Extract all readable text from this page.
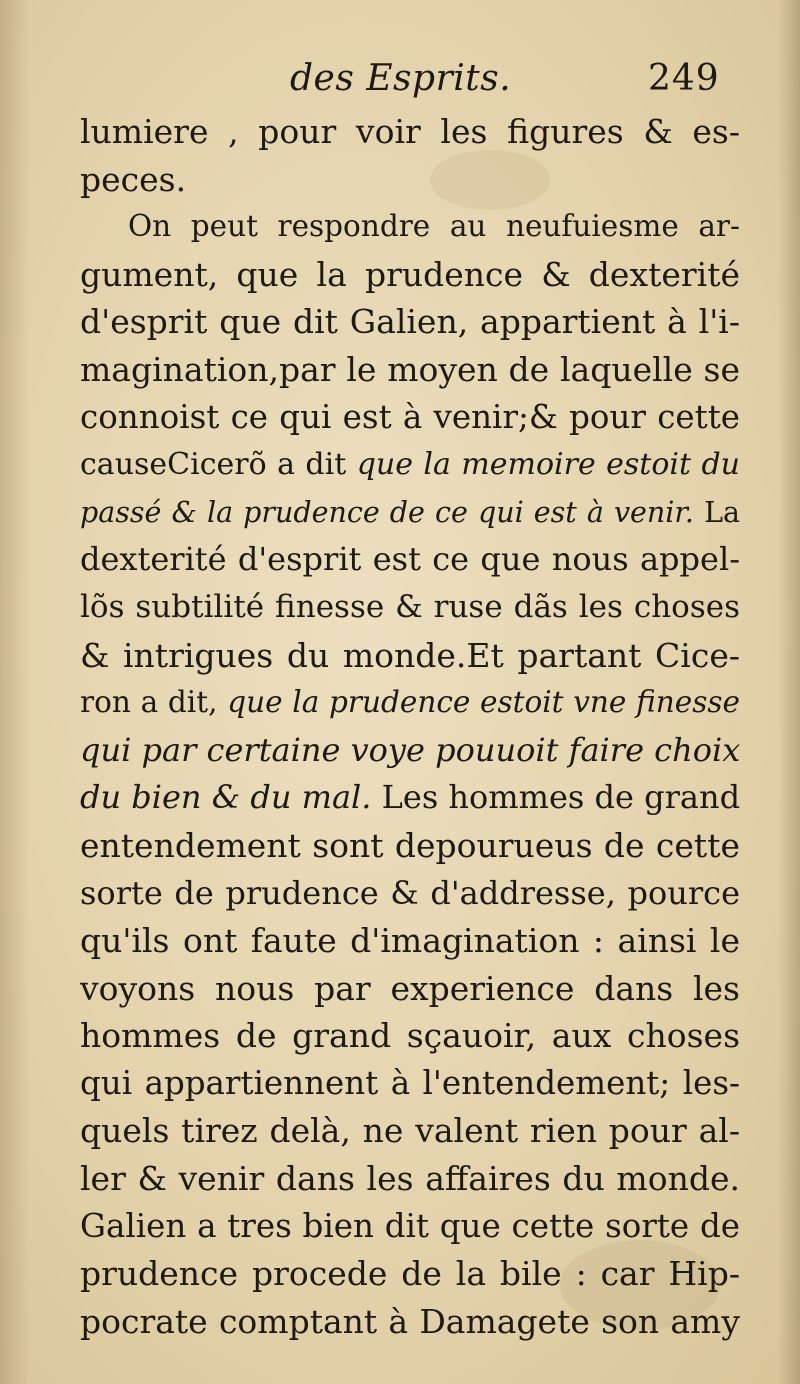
des Esprits.	249
lumiere , pour voir les figures & es-
peces.
On peut respondre au neufuiesme ar-
gument, que la prudence & dexterité
d'esprit que dit Galien, appartient à l'i-
magination,par le moyen de laquelle se
connoist ce qui est à venir;& pour cette
causeCicerõ a dit que la memoire estoit du
passé & la prudence de ce qui est à venir. La
dexterité d'esprit est ce que nous appel-
lõs subtilité finesse & ruse dãs les choses
& intrigues du monde.Et partant Cice-
ron a dit, que la prudence estoit vne finesse
qui par certaine voye pouuoit faire choix
du bien & du mal. Les hommes de grand
entendement sont depourueus de cette
sorte de prudence & d'addresse, pource
qu'ils ont faute d'imagination : ainsi le
voyons nous par experience dans les
hommes de grand sçauoir, aux choses
qui appartiennent à l'entendement; les-
quels tirez delà, ne valent rien pour al-
ler & venir dans les affaires du monde.
Galien a tres bien dit que cette sorte de
prudence procede de la bile : car Hip-
pocrate comptant à Damagete son amy
